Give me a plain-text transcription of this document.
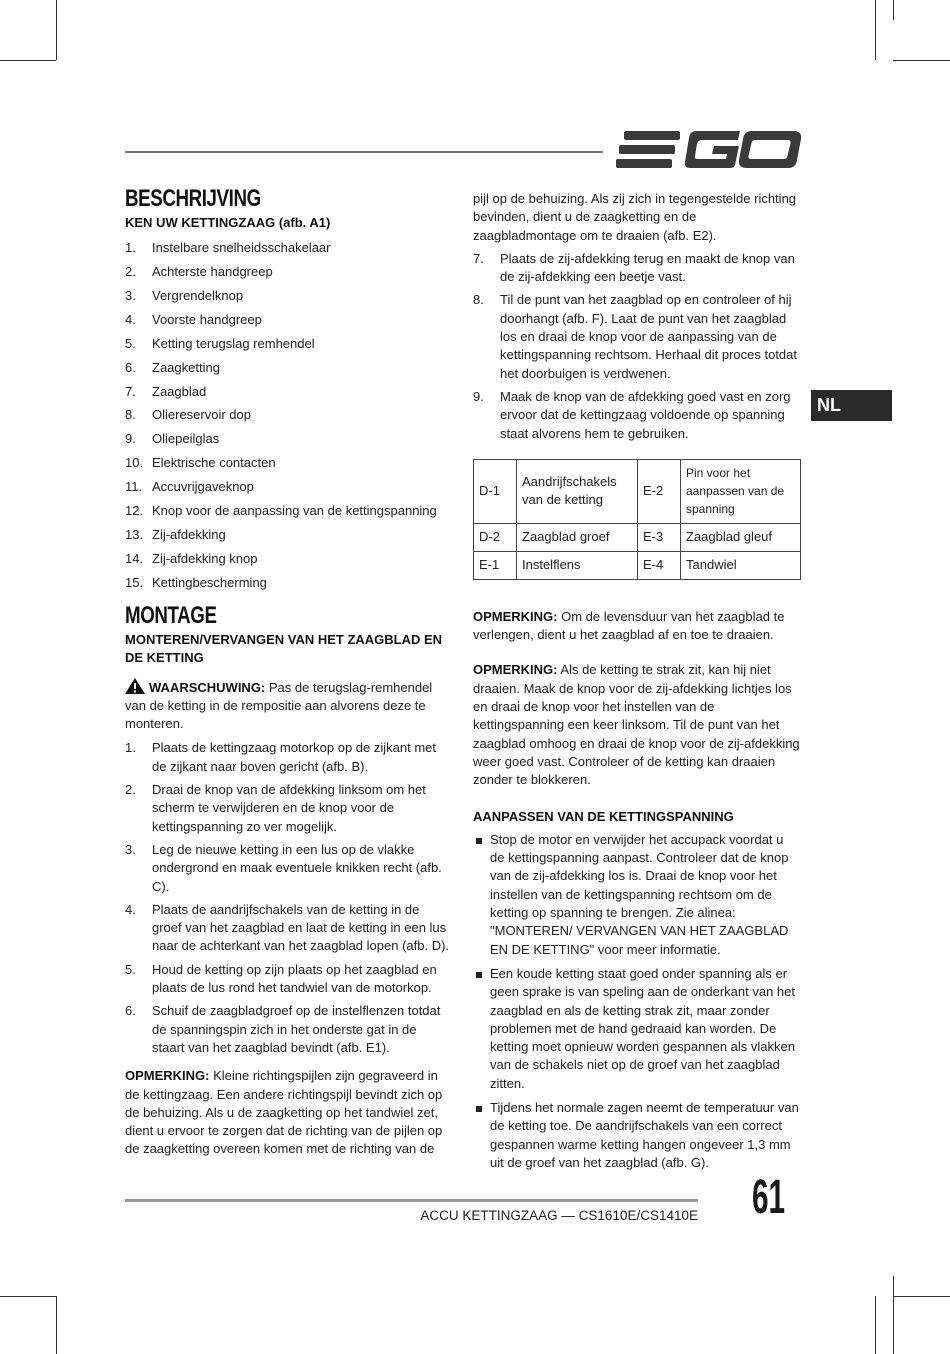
BESCHRIJVING
KEN UW KETTINGZAAG (afb. A1)
1. Instelbare snelheidsschakelaar
2. Achterste handgreep
3. Vergrendelknop
4. Voorste handgreep
5. Ketting terugslag remhendel
6. Zaagketting
7. Zaagblad
8. Oliereservoir dop
9. Oliepeilglas
10. Elektrische contacten
11. Accuvrijgaveknop
12. Knop voor de aanpassing van de kettingspanning
13. Zij-afdekking
14. Zij-afdekking knop
15. Kettingbescherming
MONTAGE
MONTEREN/VERVANGEN VAN HET ZAAGBLAD EN DE KETTING

WAARSCHUWING: Pas de terugslag-remhendel van de ketting in de rempositie aan alvorens deze te monteren.

1. Plaats de kettingzaag motorkop op de zijkant met de zijkant naar boven gericht (afb. B).
2. Draai de knop van de afdekking linksom om het scherm te verwijderen en de knop voor de kettingspanning zo ver mogelijk.
3. Leg de nieuwe ketting in een lus op de vlakke ondergrond en maak eventuele knikken recht (afb. C).
4. Plaats de aandrijfschakels van de ketting in de groef van het zaagblad en laat de ketting in een lus naar de achterkant van het zaagblad lopen (afb. D).
5. Houd de ketting op zijn plaats op het zaagblad en plaats de lus rond het tandwiel van de motorkop.
6. Schuif de zaagbladgroef op de instelflenzen totdat de spanningspin zich in het onderste gat in de staart van het zaagblad bevindt (afb. E1).

OPMERKING: Kleine richtingspijlen zijn gegraveerd in de kettingzaag. Een andere richtingspijl bevindt zich op de behuizing. Als u de zaagketting op het tandwiel zet, dient u ervoor te zorgen dat de richting van de pijlen op de zaagketting overeen komen met de richting van de

pijl op de behuizing. Als zij zich in tegengestelde richting bevinden, dient u de zaagketting en de zaagbladmontage om te draaien (afb. E2).

7. Plaats de zij-afdekking terug en maakt de knop van de zij-afdekking een beetje vast.
8. Til de punt van het zaagblad op en controleer of hij doorhangt (afb. F). Laat de punt van het zaagblad los en draai de knop voor de aanpassing van de kettingspanning rechtsom. Herhaal dit proces totdat het doorbuigen is verdwenen.
9. Maak de knop van de afdekking goed vast en zorg ervoor dat de kettingzaag voldoende op spanning staat alvorens hem te gebruiken.
D-1	Aandrijfschakels van de ketting	E-2	Pin voor het aanpassen van de spanning
D-2	Zaagblad groef	E-3	Zaagblad gleuf
E-1	Instelflens	E-4	Tandwiel

OPMERKING: Om de levensduur van het zaagblad te verlengen, dient u het zaagblad af en toe te draaien.

OPMERKING: Als de ketting te strak zit, kan hij niet draaien. Maak de knop voor de zij-afdekking lichtjes los en draai de knop voor het instellen van de kettingspanning een keer linksom. Til de punt van het zaagblad omhoog en draai de knop voor de zij-afdekking weer goed vast. Controleer of de ketting kan draaien zonder te blokkeren.

AANPASSEN VAN DE KETTINGSPANNING
Stop de motor en verwijder het accupack voordat u de kettingspanning aanpast. Controleer dat de knop van de zij-afdekking los is. Draai de knop voor het instellen van de kettingspanning rechtsom om de ketting op spanning te brengen. Zie alinea: "MONTEREN/ VERVANGEN VAN HET ZAAGBLAD EN DE KETTING" voor meer informatie.
Een koude ketting staat goed onder spanning als er geen sprake is van speling aan de onderkant van het zaagblad en als de ketting strak zit, maar zonder problemen met de hand gedraaid kan worden. De ketting moet opnieuw worden gespannen als vlakken van de schakels niet op de groef van het zaagblad zitten.
Tijdens het normale zagen neemt de temperatuur van de ketting toe. De aandrijfschakels van een correct gespannen warme ketting hangen ongeveer 1,3 mm uit de groef van het zaagblad (afb. G).
NL
ACCU KETTINGZAAG — CS1610E/CS1410E 61
